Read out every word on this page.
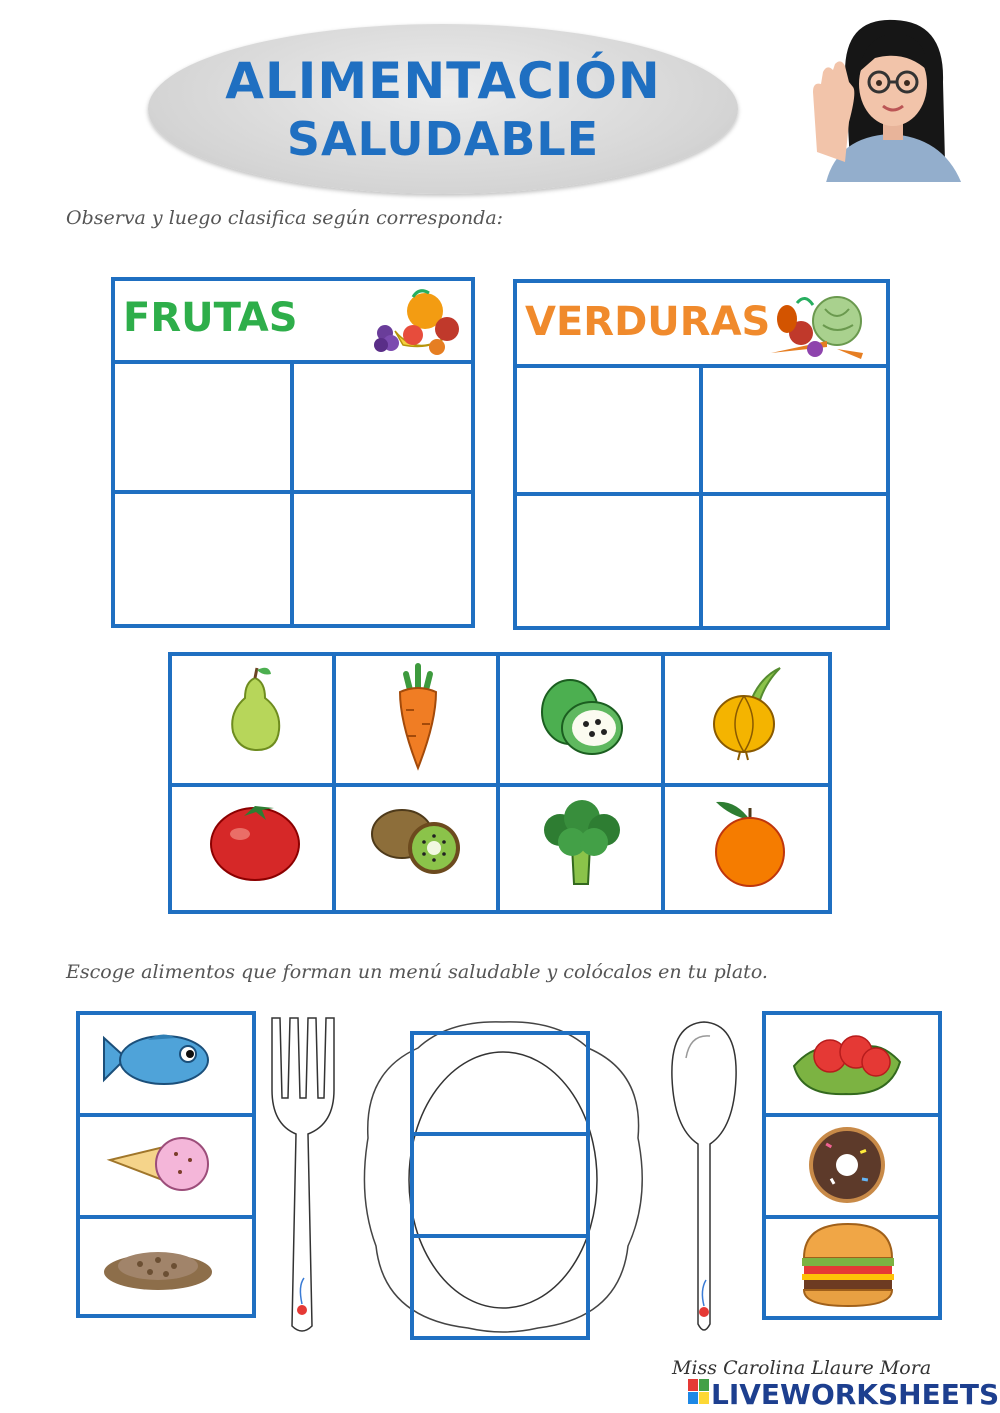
ALIMENTACIÓN
SALUDABLE
Observa y luego clasifica según corresponda:
FRUTAS	VERDURAS
Escoge alimentos que forman un menú saludable y colócalos en tu plato.
Miss Carolina Llaure Mora
LIVEWORKSHEETS
